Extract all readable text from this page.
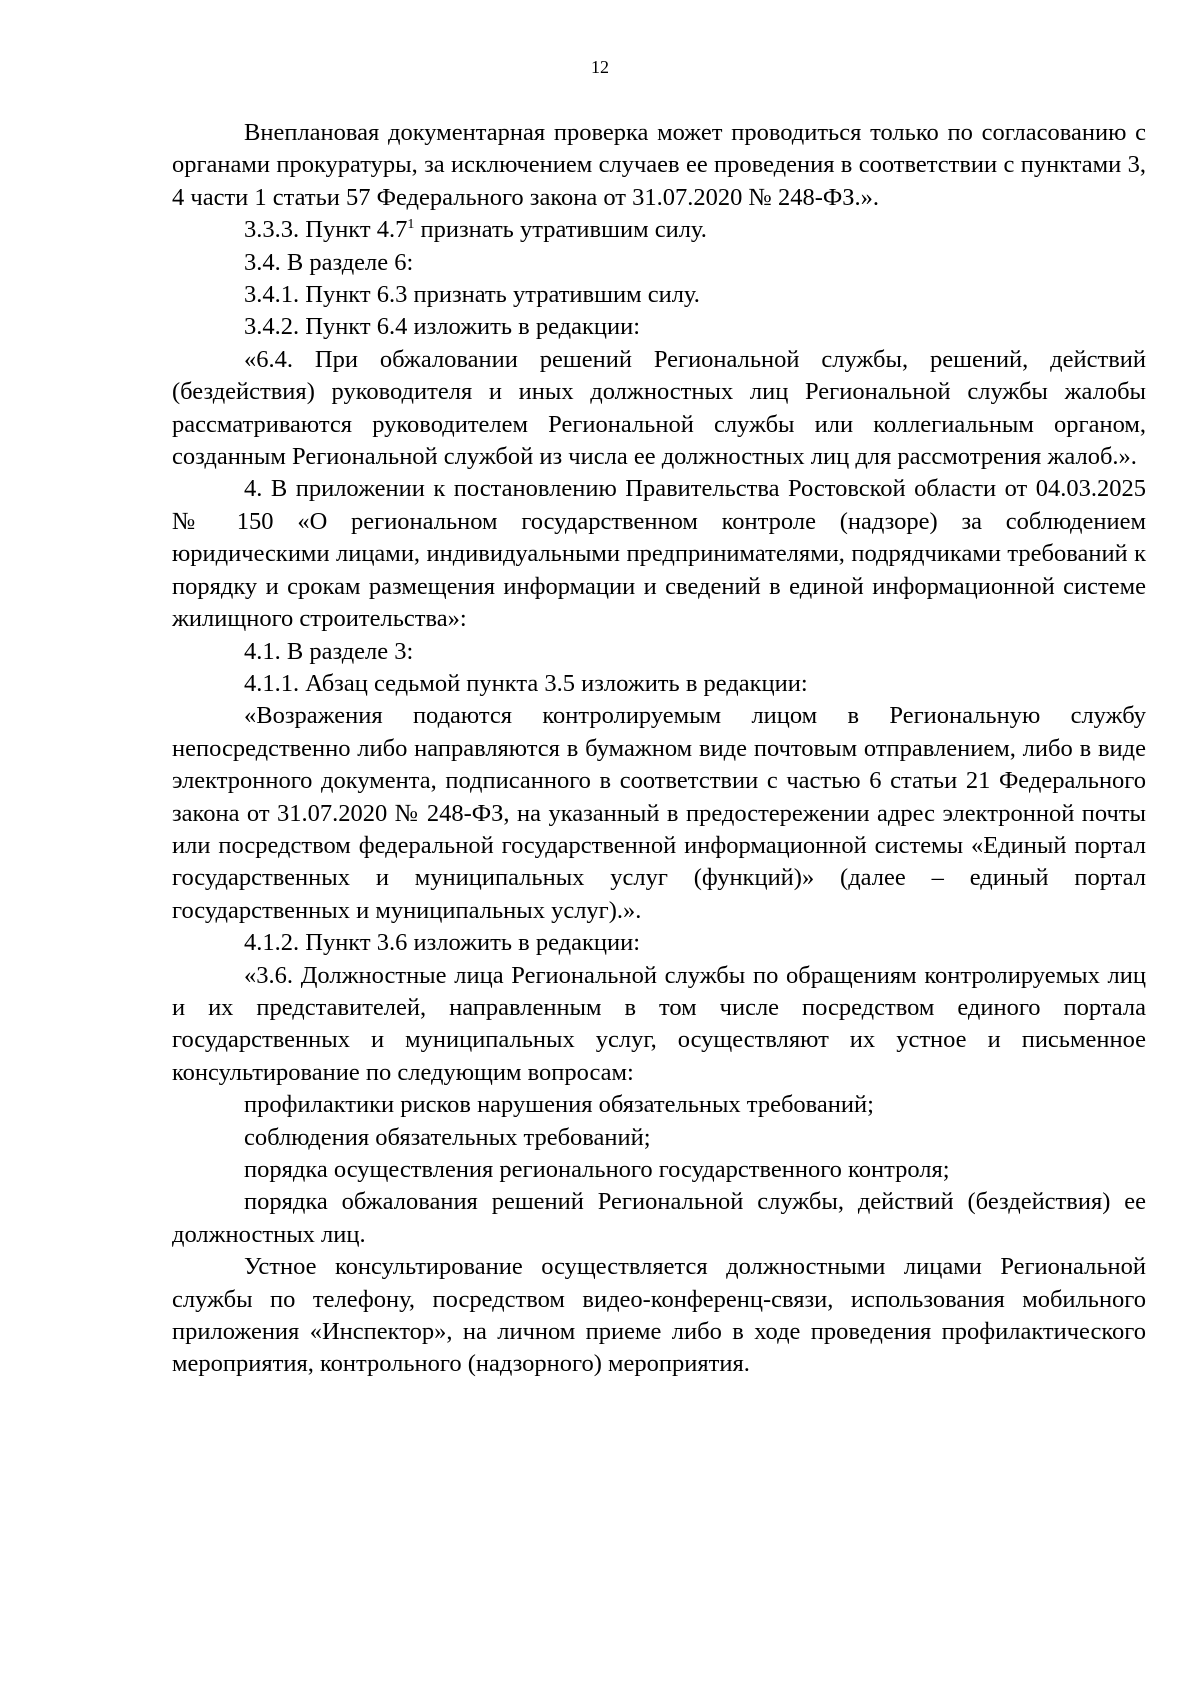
12

Внеплановая документарная проверка может проводиться только по согласованию с органами прокуратуры, за исключением случаев ее проведения в соответствии с пунктами 3, 4 части 1 статьи 57 Федерального закона от 31.07.2020 № 248-ФЗ.».

3.3.3. Пункт $4.7^1$ признать утратившим силу.

3.4. В разделе 6:

3.4.1. Пункт 6.3 признать утратившим силу.

3.4.2. Пункт 6.4 изложить в редакции:

«6.4. При обжаловании решений Региональной службы, решений, действий (бездействия) руководителя и иных должностных лиц Региональной службы жалобы рассматриваются руководителем Региональной службы или коллегиальным органом, созданным Региональной службой из числа ее должностных лиц для рассмотрения жалоб.».

4. В приложении к постановлению Правительства Ростовской области от 04.03.2025 № 150 «О региональном государственном контроле (надзоре) за соблюдением юридическими лицами, индивидуальными предпринимателями, подрядчиками требований к порядку и срокам размещения информации и сведений в единой информационной системе жилищного строительства»:

4.1. В разделе 3:

4.1.1. Абзац седьмой пункта 3.5 изложить в редакции:

«Возражения подаются контролируемым лицом в Региональную службу непосредственно либо направляются в бумажном виде почтовым отправлением, либо в виде электронного документа, подписанного в соответствии с частью 6 статьи 21 Федерального закона от 31.07.2020 № 248-ФЗ, на указанный в предостережении адрес электронной почты или посредством федеральной государственной информационной системы «Единый портал государственных и муниципальных услуг (функций)» (далее – единый портал государственных и муниципальных услуг).».

4.1.2. Пункт 3.6 изложить в редакции:

«3.6. Должностные лица Региональной службы по обращениям контролируемых лиц и их представителей, направленным в том числе посредством единого портала государственных и муниципальных услуг, осуществляют их устное и письменное консультирование по следующим вопросам:

профилактики рисков нарушения обязательных требований;

соблюдения обязательных требований;

порядка осуществления регионального государственного контроля;

порядка обжалования решений Региональной службы, действий (бездействия) ее должностных лиц.

Устное консультирование осуществляется должностными лицами Региональной службы по телефону, посредством видео-конференц-связи, использования мобильного приложения «Инспектор», на личном приеме либо в ходе проведения профилактического мероприятия, контрольного (надзорного) мероприятия.
